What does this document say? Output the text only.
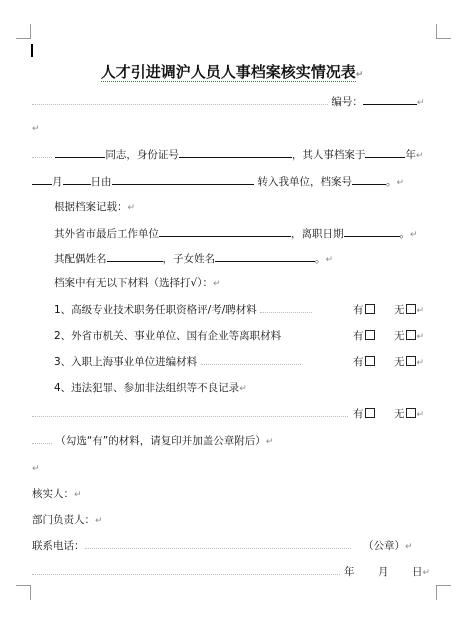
人才引进调沪人员人事档案核实情况表↵
编号：	↵
↵
同志，身份证号	，其人事档案于	年↵
月	日由	转入我单位，档案号	。↵
根据档案记载：↵
其外省市最后工作单位	，离职日期	。↵
其配偶姓名	，子女姓名	。↵
档案中有无以下材料（选择打√）：↵
1、高级专业技术职务任职资格评/考/聘材料	有	无 ↵
2、外省市机关、事业单位、国有企业等离职材料	有	无 ↵
3、入职上海事业单位进编材料	有	无 ↵
4、违法犯罪、参加非法组织等不良记录↵
有	无 ↵
（勾选“有”的材料，请复印并加盖公章附后）↵
↵
核实人：↵
部门负责人：↵
联系电话：	（公章）↵
年 月 日↵
